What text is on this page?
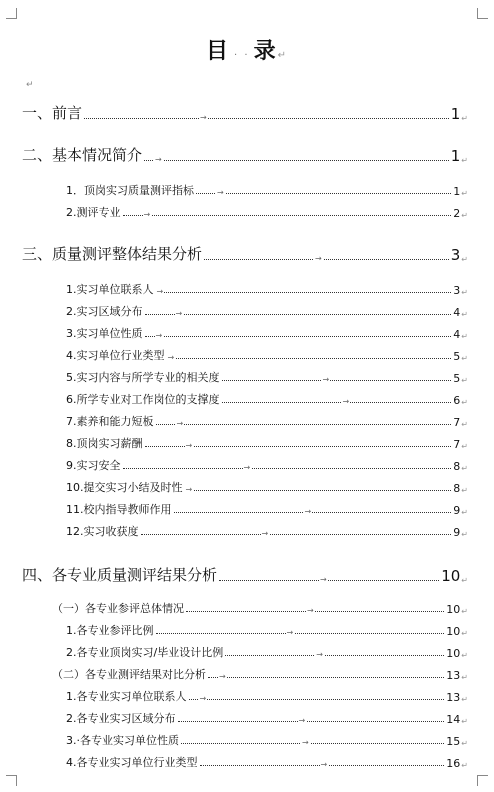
目 · · 录↵
↵
一、前言	→	1 ↵
二、基本情况简介 →	1 ↵
1．顶岗实习质量测评指标	→	1 ↵
2.测评专业	→	2 ↵
三、质量测评整体结果分析	→	3 ↵
1.实习单位联系人 →	3 ↵
2.实习区域分布	→	4 ↵
3.实习单位性质 →	4 ↵
4.实习单位行业类型 →	5 ↵
5.实习内容与所学专业的相关度	→	5 ↵
6.所学专业对工作岗位的支撑度	→	6 ↵
7.素养和能力短板	→	7 ↵
8.顶岗实习薪酬	→	7 ↵
9.实习安全	→	8 ↵
10.提交实习小结及时性 →	8 ↵
11.校内指导教师作用	→	9 ↵
12.实习收获度	→	9 ↵
四、各专业质量测评结果分析	→	10 ↵
（一）各专业参评总体情况	→	10 ↵
1.各专业参评比例	→	10 ↵
2.各专业顶岗实习/毕业设计比例	→	10 ↵
（二）各专业测评结果对比分析 →	13 ↵
1.各专业实习单位联系人 →	13 ↵
2.各专业实习区域分布	→	14 ↵
3.·各专业实习单位性质	→	15 ↵
4.各专业实习单位行业类型	→	16 ↵
